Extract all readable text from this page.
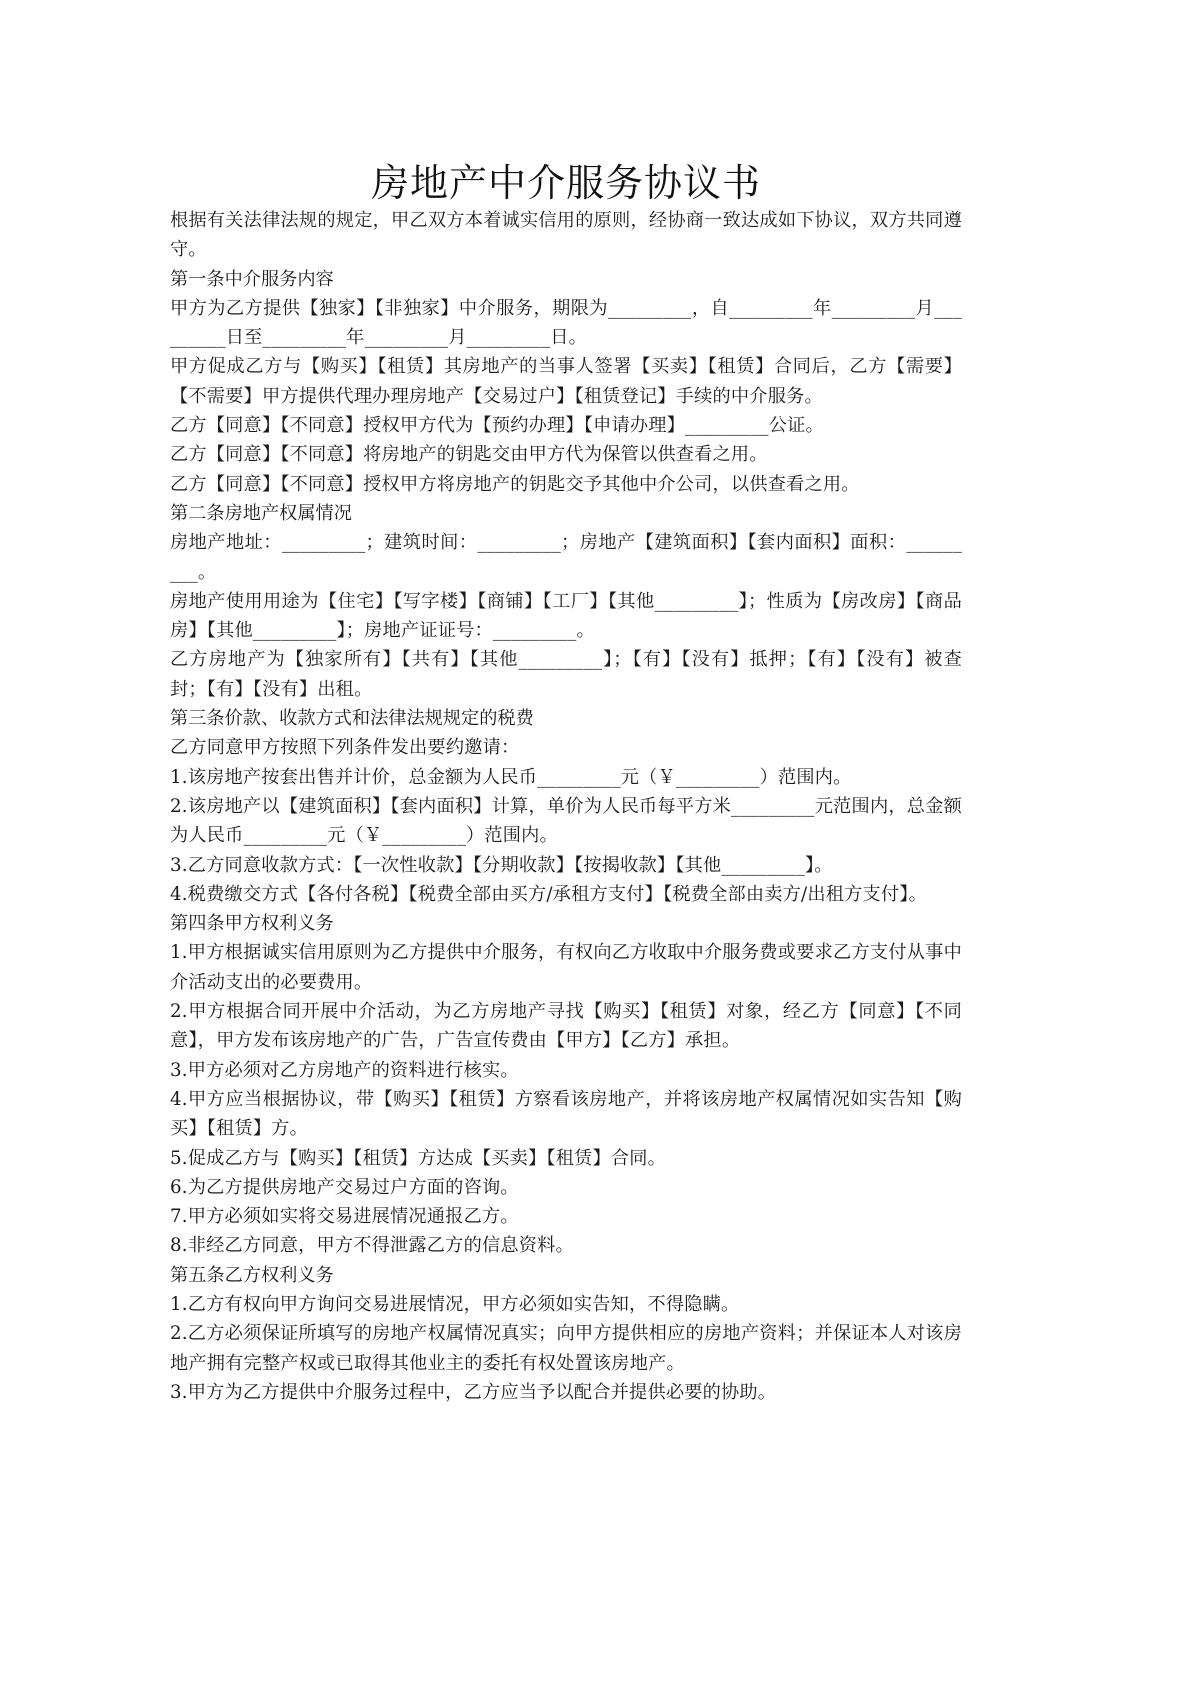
房地产中介服务协议书

根据有关法律法规的规定，甲乙双方本着诚实信用的原则，经协商一致达成如下协议，双方共同遵守。

第一条中介服务内容

甲方为乙方提供【独家】【非独家】中介服务，期限为_________，自_________年_________月_________日至_________年_________月_________日。

甲方促成乙方与【购买】【租赁】其房地产的当事人签署【买卖】【租赁】合同后，乙方【需要】【不需要】甲方提供代理办理房地产【交易过户】【租赁登记】手续的中介服务。

乙方【同意】【不同意】授权甲方代为【预约办理】【申请办理】_________公证。

乙方【同意】【不同意】将房地产的钥匙交由甲方代为保管以供查看之用。

乙方【同意】【不同意】授权甲方将房地产的钥匙交予其他中介公司，以供查看之用。

第二条房地产权属情况

房地产地址：_________；建筑时间：_________；房地产【建筑面积】【套内面积】面积：_________。

房地产使用用途为【住宅】【写字楼】【商铺】【工厂】【其他_________】；性质为【房改房】【商品房】【其他_________】；房地产证证号：_________。

乙方房地产为【独家所有】【共有】【其他_________】；【有】【没有】抵押；【有】【没有】被查封；【有】【没有】出租。

第三条价款、收款方式和法律法规规定的税费

乙方同意甲方按照下列条件发出要约邀请：

1.该房地产按套出售并计价，总金额为人民币_________元（￥_________）范围内。

2.该房地产以【建筑面积】【套内面积】计算，单价为人民币每平方米_________元范围内，总金额为人民币_________元（￥_________）范围内。

3.乙方同意收款方式：【一次性收款】【分期收款】【按揭收款】【其他_________】。

4.税费缴交方式【各付各税】【税费全部由买方/承租方支付】【税费全部由卖方/出租方支付】。

第四条甲方权利义务

1.甲方根据诚实信用原则为乙方提供中介服务，有权向乙方收取中介服务费或要求乙方支付从事中介活动支出的必要费用。

2.甲方根据合同开展中介活动，为乙方房地产寻找【购买】【租赁】对象，经乙方【同意】【不同意】，甲方发布该房地产的广告，广告宣传费由【甲方】【乙方】承担。

3.甲方必须对乙方房地产的资料进行核实。

4.甲方应当根据协议，带【购买】【租赁】方察看该房地产，并将该房地产权属情况如实告知【购买】【租赁】方。

5.促成乙方与【购买】【租赁】方达成【买卖】【租赁】合同。

6.为乙方提供房地产交易过户方面的咨询。

7.甲方必须如实将交易进展情况通报乙方。

8.非经乙方同意，甲方不得泄露乙方的信息资料。

第五条乙方权利义务

1.乙方有权向甲方询问交易进展情况，甲方必须如实告知，不得隐瞒。

2.乙方必须保证所填写的房地产权属情况真实；向甲方提供相应的房地产资料；并保证本人对该房地产拥有完整产权或已取得其他业主的委托有权处置该房地产。

3.甲方为乙方提供中介服务过程中，乙方应当予以配合并提供必要的协助。
